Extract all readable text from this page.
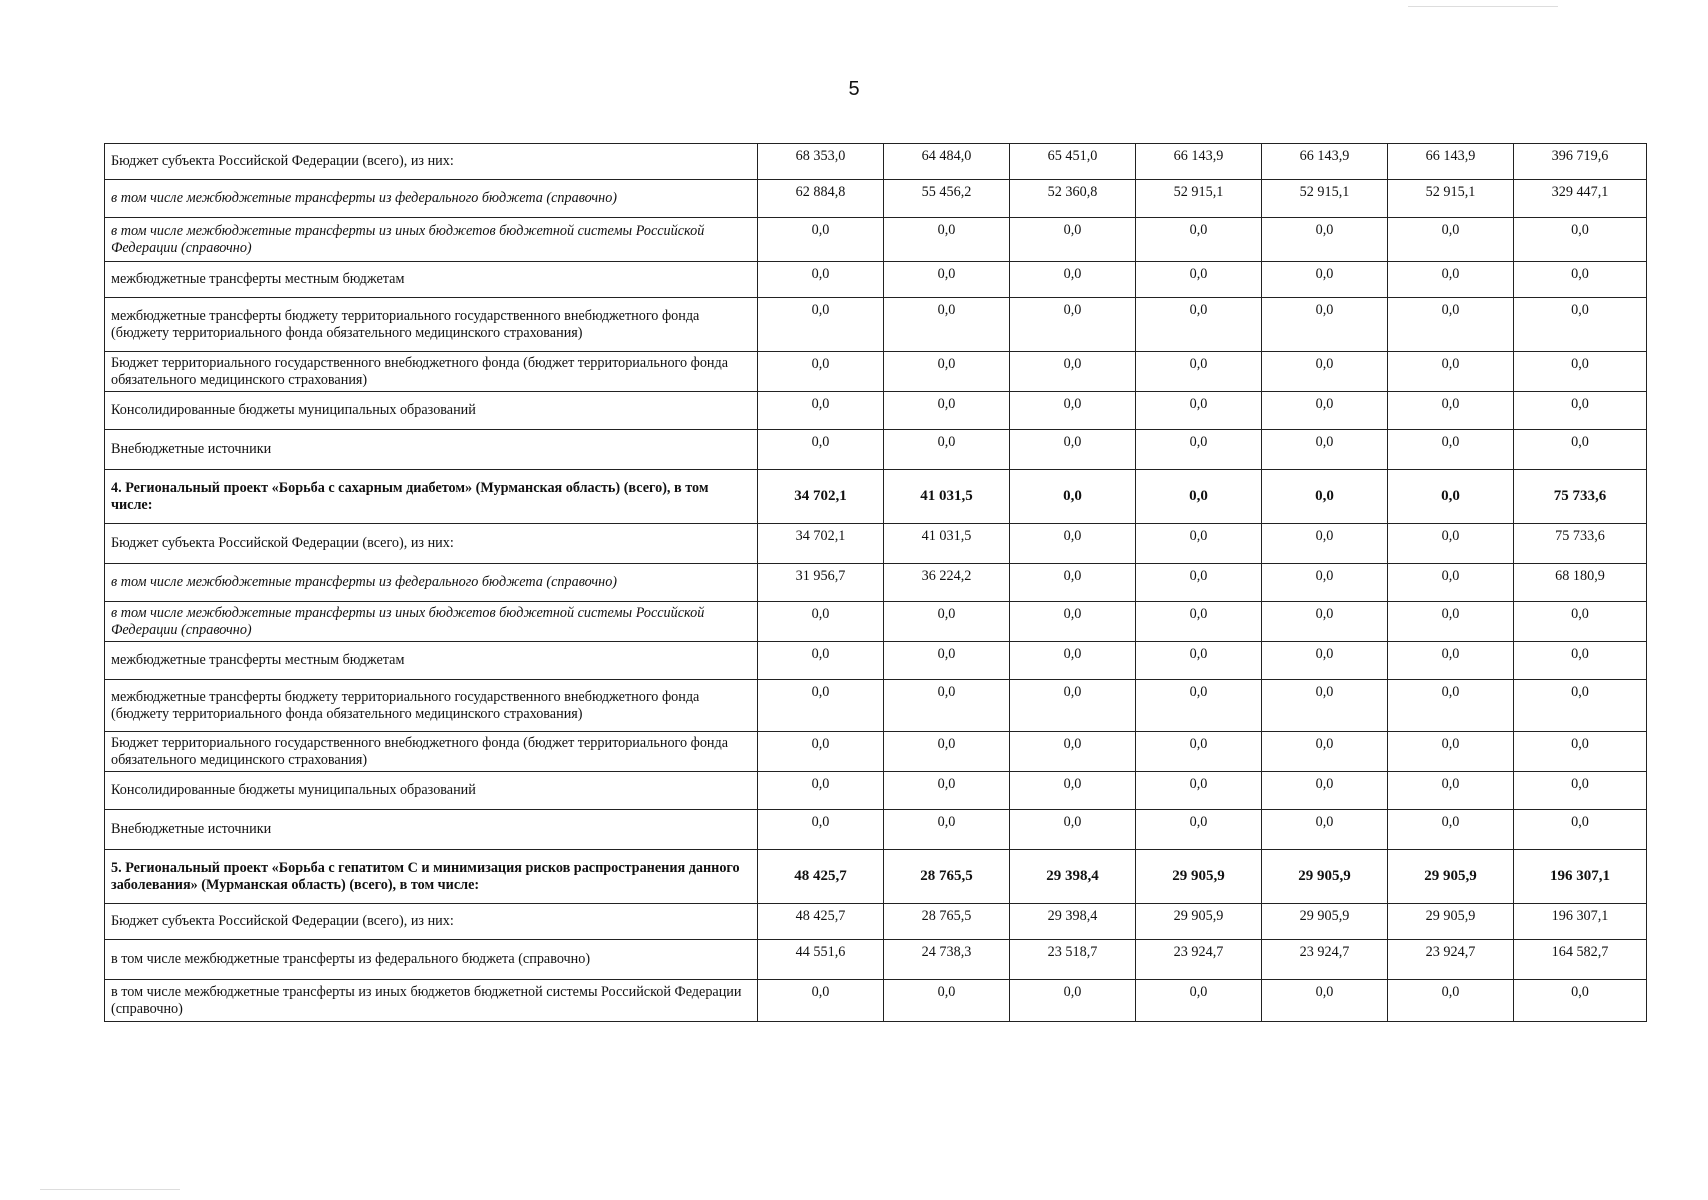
5
Бюджет субъекта Российской Федерации (всего), из них:	68 353,0	64 484,0	65 451,0	66 143,9	66 143,9	66 143,9	396 719,6
в том числе межбюджетные трансферты из федерального бюджета (справочно)	62 884,8	55 456,2	52 360,8	52 915,1	52 915,1	52 915,1	329 447,1
в том числе межбюджетные трансферты из иных бюджетов бюджетной системы Российской Федерации (справочно)	0,0	0,0	0,0	0,0	0,0	0,0	0,0
межбюджетные трансферты местным бюджетам	0,0	0,0	0,0	0,0	0,0	0,0	0,0
межбюджетные трансферты бюджету территориального государственного внебюджетного фонда (бюджету территориального фонда обязательного медицинского страхования)	0,0	0,0	0,0	0,0	0,0	0,0	0,0
Бюджет территориального государственного внебюджетного фонда (бюджет территориального фонда обязательного медицинского страхования)	0,0	0,0	0,0	0,0	0,0	0,0	0,0
Консолидированные бюджеты муниципальных образований	0,0	0,0	0,0	0,0	0,0	0,0	0,0
Внебюджетные источники	0,0	0,0	0,0	0,0	0,0	0,0	0,0
4. Региональный проект «Борьба с сахарным диабетом» (Мурманская область) (всего), в том числе:	34 702,1	41 031,5	0,0	0,0	0,0	0,0	75 733,6
Бюджет субъекта Российской Федерации (всего), из них:	34 702,1	41 031,5	0,0	0,0	0,0	0,0	75 733,6
в том числе межбюджетные трансферты из федерального бюджета (справочно)	31 956,7	36 224,2	0,0	0,0	0,0	0,0	68 180,9
в том числе межбюджетные трансферты из иных бюджетов бюджетной системы Российской Федерации (справочно)	0,0	0,0	0,0	0,0	0,0	0,0	0,0
межбюджетные трансферты местным бюджетам	0,0	0,0	0,0	0,0	0,0	0,0	0,0
межбюджетные трансферты бюджету территориального государственного внебюджетного фонда (бюджету территориального фонда обязательного медицинского страхования)	0,0	0,0	0,0	0,0	0,0	0,0	0,0
Бюджет территориального государственного внебюджетного фонда (бюджет территориального фонда обязательного медицинского страхования)	0,0	0,0	0,0	0,0	0,0	0,0	0,0
Консолидированные бюджеты муниципальных образований	0,0	0,0	0,0	0,0	0,0	0,0	0,0
Внебюджетные источники	0,0	0,0	0,0	0,0	0,0	0,0	0,0
5. Региональный проект «Борьба с гепатитом С и минимизация рисков распространения данного заболевания» (Мурманская область) (всего), в том числе:	48 425,7	28 765,5	29 398,4	29 905,9	29 905,9	29 905,9	196 307,1
Бюджет субъекта Российской Федерации (всего), из них:	48 425,7	28 765,5	29 398,4	29 905,9	29 905,9	29 905,9	196 307,1
в том числе межбюджетные трансферты из федерального бюджета (справочно)	44 551,6	24 738,3	23 518,7	23 924,7	23 924,7	23 924,7	164 582,7
в том числе межбюджетные трансферты из иных бюджетов бюджетной системы Российской Федерации (справочно)	0,0	0,0	0,0	0,0	0,0	0,0	0,0
